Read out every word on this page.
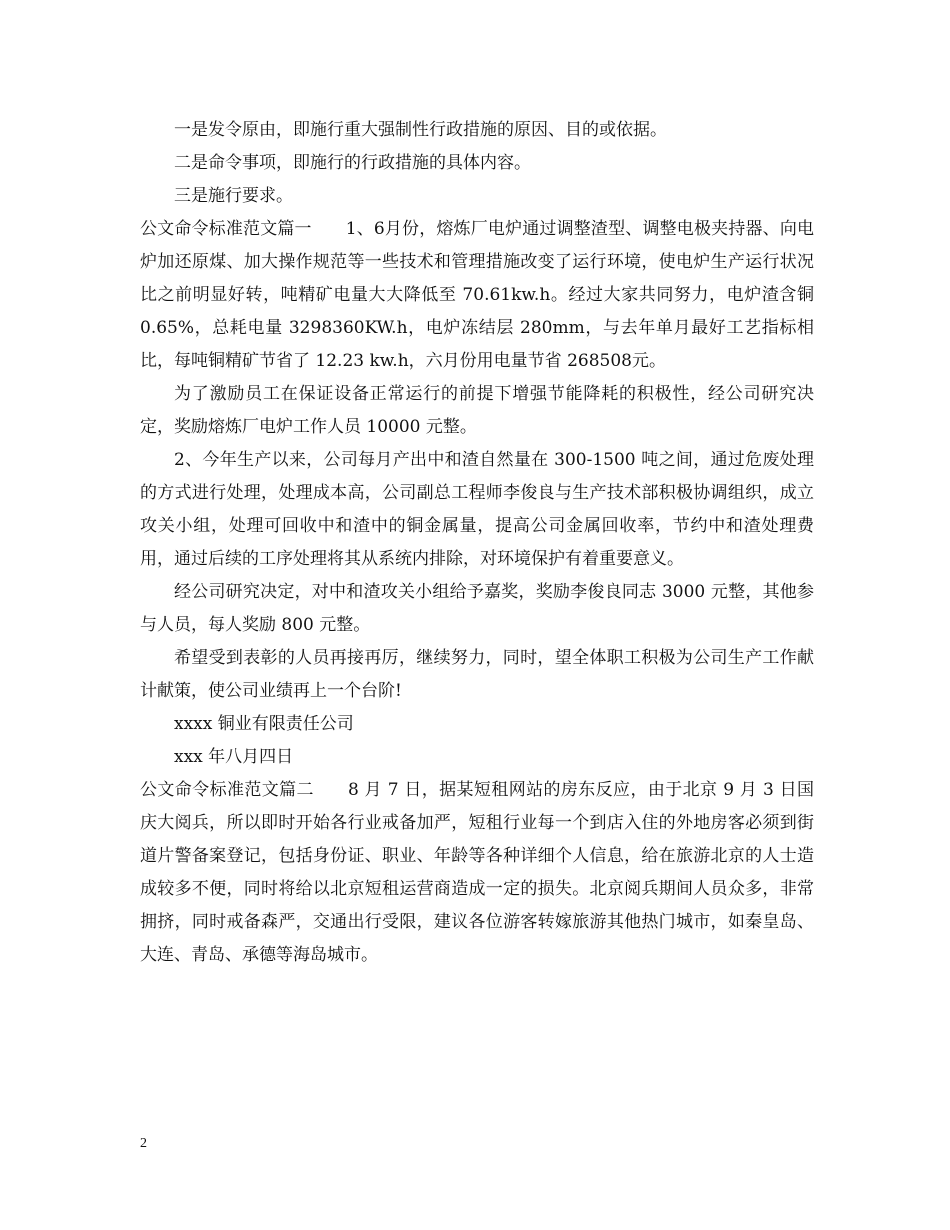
一是发令原由，即施行重大强制性行政措施的原因、目的或依据。

二是命令事项，即施行的行政措施的具体内容。

三是施行要求。

公文命令标准范文篇一 1、6月份，熔炼厂电炉通过调整渣型、调整电极夹持器、向电炉加还原煤、加大操作规范等一些技术和管理措施改变了运行环境，使电炉生产运行状况比之前明显好转，吨精矿电量大大降低至 70.61kw.h。经过大家共同努力，电炉渣含铜 0.65%，总耗电量 3298360KW.h，电炉冻结层 280mm，与去年单月最好工艺指标相比，每吨铜精矿节省了 12.23 kw.h，六月份用电量节省 268508元。

为了激励员工在保证设备正常运行的前提下增强节能降耗的积极性，经公司研究决定，奖励熔炼厂电炉工作人员 10000 元整。

2、今年生产以来，公司每月产出中和渣自然量在 300-1500 吨之间，通过危废处理的方式进行处理，处理成本高，公司副总工程师李俊良与生产技术部积极协调组织，成立攻关小组，处理可回收中和渣中的铜金属量，提高公司金属回收率，节约中和渣处理费用，通过后续的工序处理将其从系统内排除，对环境保护有着重要意义。

经公司研究决定，对中和渣攻关小组给予嘉奖，奖励李俊良同志 3000 元整，其他参与人员，每人奖励 800 元整。

希望受到表彰的人员再接再厉，继续努力，同时，望全体职工积极为公司生产工作献计献策，使公司业绩再上一个台阶!

xxxx 铜业有限责任公司

xxx 年八月四日

公文命令标准范文篇二 8 月 7 日，据某短租网站的房东反应，由于北京 9 月 3 日国庆大阅兵，所以即时开始各行业戒备加严，短租行业每一个到店入住的外地房客必须到街道片警备案登记，包括身份证、职业、年龄等各种详细个人信息，给在旅游北京的人士造成较多不便，同时将给以北京短租运营商造成一定的损失。北京阅兵期间人员众多，非常拥挤，同时戒备森严，交通出行受限，建议各位游客转嫁旅游其他热门城市，如秦皇岛、大连、青岛、承德等海岛城市。

2
